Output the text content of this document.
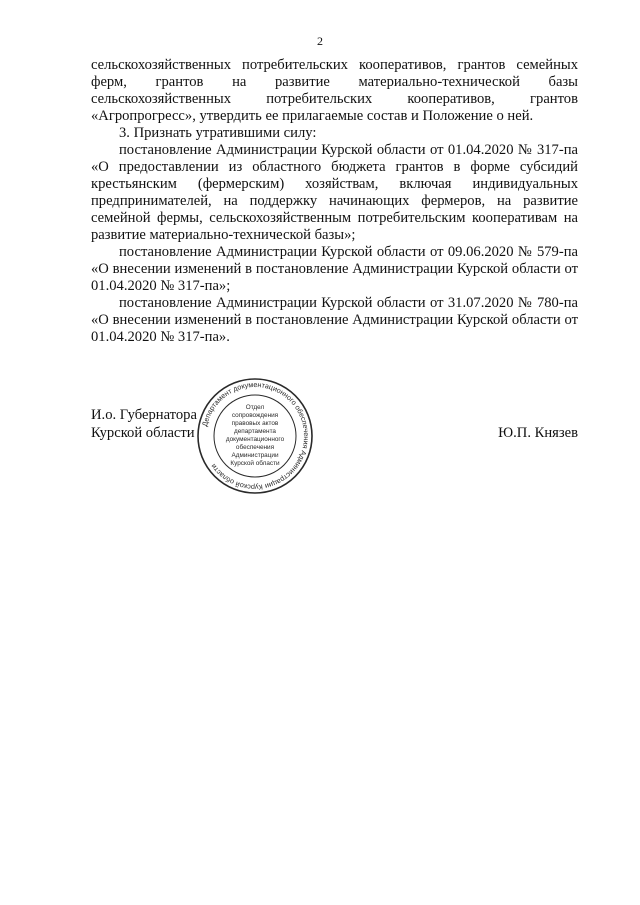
2

сельскохозяйственных потребительских кооперативов, грантов семейных ферм, грантов на развитие материально-технической базы сельскохозяйственных потребительских кооперативов, грантов «Агропрогресс», утвердить ее прилагаемые состав и Положение о ней.

3. Признать утратившими силу:

постановление Администрации Курской области от 01.04.2020 № 317-па «О предоставлении из областного бюджета грантов в форме субсидий крестьянским (фермерским) хозяйствам, включая индивидуальных предпринимателей, на поддержку начинающих фермеров, на развитие семейной фермы, сельскохозяйственным потребительским кооперативам на развитие материально-технической базы»;

постановление Администрации Курской области от 09.06.2020 № 579-па «О внесении изменений в постановление Администрации Курской области от 01.04.2020 № 317-па»;

постановление Администрации Курской области от 31.07.2020 № 780-па «О внесении изменений в постановление Администрации Курской области от 01.04.2020 № 317-па».

Департамент документационного обеспечения Администрации Курской области
Отдел
сопровождения
правовых актов
департамента
документационного
обеспечения
Администрации
Курской области
И.о. Губернатора
Курской области	Ю.П. Князев
